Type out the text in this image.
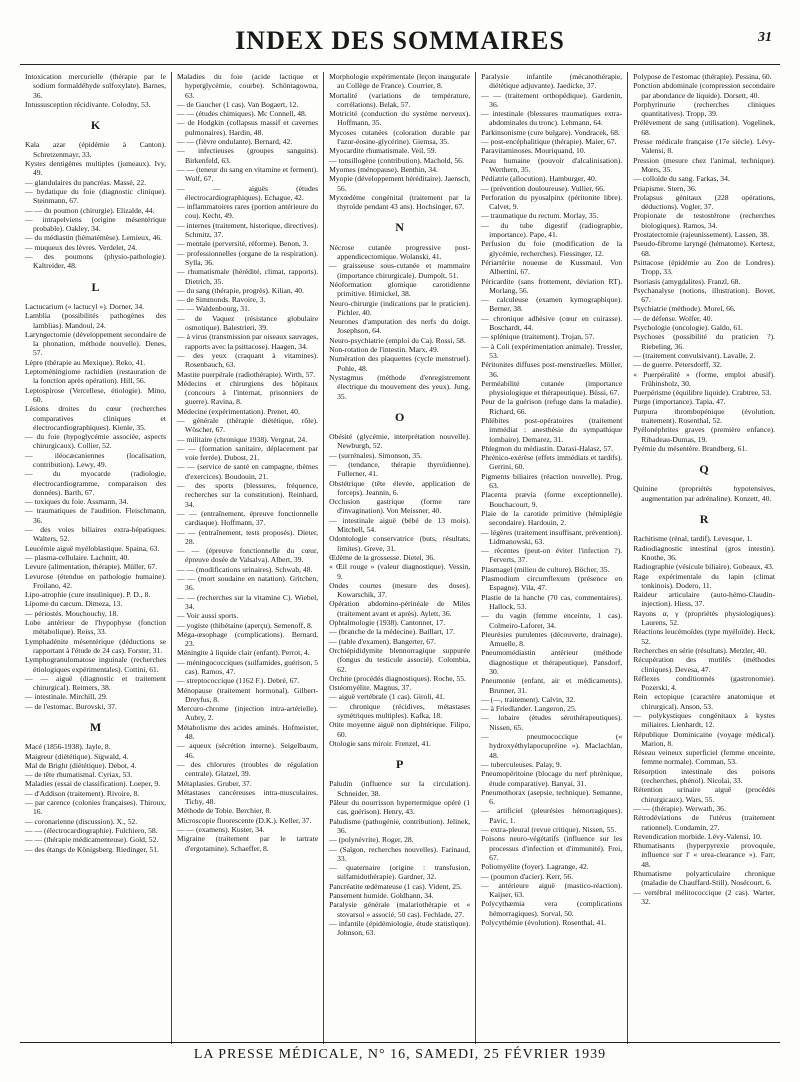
INDEX DES SOMMAIRES	31

Intoxication mercurielle (thérapie par le sodium formaldéhyde sulfoxylate). Barnes, 36.

Intussusception récidivante. Colodny, 53.

K

Kala azar (épidémie à Canton). Schretzenmayr, 33.

Kystes dentigènes multiples (jumeaux). Ivy, 49.

— glandulaires du pancréas. Massé, 22.

— hydatique du foie (diagnostic clinique). Steinmann, 67.

— — du poumon (chirurgie). Elizalde, 44.

— intrapelviens (origine mésentérique probable). Oakley, 34.

— du médiastin (hématémèse). Lemieux, 46.

— muqueux des lèvres. Verdelet, 24.

— des poumons (physio-pathologie). Kaltreider, 48.

L

Lactucarium (« lactucyl »). Dorner, 34.

Lamblia (possibilités pathogènes des lamblias). Mandoul, 24.

Laryngectomie (développement secondaire de la phonation, méthode nouvelle). Denes, 57.

Lèpre (thérapie au Mexique). Reko, 41.

Leptoméningiome rachidien (restauration de la fonction après opération). Hill, 56.

Leptospirose (Vercellese, étiologie). Mino, 60.

Lésions droites du cœur (recherches comparatives cliniques et électrocardiographiques). Kienle, 35.

— du foie (hypoglycémie associée, aspects chirurgicaux). Collier, 52.

— iléocæcaniennes (localisation, contribution). Lewy, 49.

— du myocarde (radiologie, électrocardiogramme, comparaison des données). Barth, 67.

— toxiques du foie. Assmann, 34.

— traumatiques de l'audition. Fleischmann, 36.

— des voies biliaires extra-hépatiques. Walters, 52.

Leucémie aiguë myéloblastique. Spaina, 63.

— plasma-cellulaire. Lachnitt, 40.

Levure (alimentation, thérapie). Müller, 67.

Levurose (étendue en pathologie humaine). Froilano, 42.

Lipo-atrophie (cure insulinique). P. D., 8.

Lipome du cæcum. Dimeza, 13.

— périostés. Mouchouchy, 18.

Lobe antérieur de l'hypophyse (fonction métabolique). Reiss, 33.

Lymphadénite mésentérique (déductions se rapportant à l'étude de 24 cas). Forster, 31.

Lymphogranulomatose inguinale (recherches étiologiques expérimentales). Cottini, 61.

— — aiguë (diagnostic et traitement chirurgical). Reimers, 38.

— intestinale. Mirchill, 29.

— de l'estomac. Burovski, 37.

M

Macé (1856-1938). Jayle, 8.

Maigreur (diététique). Sigwald, 4.

Mal de Bright (diététique). Debot, 4.

— de tête rhumatismal. Cyriax, 53.

Maladies (essai de classification). Loeper, 9.

— d'Addison (traitement). Rivoire, 8.

— par carence (colonies françaises). Thiroux, 16.

— coronarienne (discussion). X., 52.

— — (électrocardiographie). Fulchiero, 58.

— — (thérapie médicamenteuse). Gold, 52.

— des étangs de Königsberg. Riedinger, 51.

Maladies du foie (acide lactique et hyperglycémie, courbe). Schöntagowna, 63.

— de Gaucher (1 cas). Van Bogaert, 12.

— — (études chimiques). Mc Connell, 48.

— de Hodgkin (collapsus massif et cavernes pulmonaires). Hardin, 48.

— — (fièvre ondulante). Bernard, 42.

— infectieuses (groupes sanguins). Birkenfeld, 63.

— — (teneur du sang en vitamine et ferment). Wolf, 67.

— — aiguës (études électrocardiographiques). Echague, 42.

— inflammatoires rares (portion antérieure du cou). Kecht, 49.

— internes (traitement, historique, directives). Schmitz, 37.

— mentale (perversité, réforme). Benon, 3.

— professionnelles (organe de la respiration). Sylla, 36.

— rhumatismale (hérédité, climat, rapports). Dietrich, 35.

— du sang (thérapie, progrès). Kilian, 40.

— de Simmonds. Ravoire, 3.

— — Waldenbourg, 31.

— de Vaquez (résistance globulaire osmotique). Balestrieri, 39.

— à virus (transmission par oiseaux sauvages, rapports avec la psittacose). Haagen, 34.

— des yeux (craquant à vitamines). Rosenbauch, 63.

Mastite puerpérale (radiothérapie). Wirth, 57.

Médecins et chirurgiens des hôpitaux (concours à l'internat, prisonniers de guerre). Ravina, 8.

Médecine (expérimentation). Prenet, 40.

— générale (thérapie diététique, rôle). Wöscher, 67.

— militaire (chronique 1938). Vergnat, 24.

— — (formation sanitaire, déplacement par voie ferrée). Dubost, 21.

— — (service de santé en campagne, thèmes d'exercices). Boudouin, 21.

— des sports (blessures, fréquence, recherches sur la constitution). Reinhard, 34.

— — (entraînement, épreuve fonctionnelle cardiaque). Hoffmann, 37.

— — (entraînement, tests proposés). Dieter, 28.

— — (épreuve fonctionnelle du cœur, épreuve dosée de Valsalva). Albert, 39.

— — (modifications urinaires). Schwab, 48.

— — (mort soudaine en natation). Gritchen, 36.

— — (recherches sur la vitamine C). Wiebel, 34.

— Voir aussi sports.

— yogiste (thibétaine (aperçu). Semenoff, 8.

Méga-œsophage (complications). Bernard, 23.

Méningite à liquide clair (enfant). Perrot, 4.

— méningococciques (sulfamides, guérison, 5 cas). Ramos, 47.

— streptococcique (1162 F.). Debré, 67.

Ménopause (traitement hormonal). Gilbert-Dreyfus, 8.

Mercuro-chrome (injection intra-artérielle). Aubry, 2.

Métabolisme des acides aminés. Hofmeister, 48.

— aqueux (sécrétion interne). Seigelbaum, 46.

— des chlorures (troubles de régulation centrale). Glatzel, 39.

Métaplasies. Gruber, 37.

Métastases cancéreuses intra-musculaires. Tichy, 48.

Méthode de Tobie. Berchier, 8.

Microscopie fluorescente (D.K.). Keller, 37.

— — (examens). Kuster, 34.

Migraine (traitement par le tartrate d'ergotamine). Schaeffer, 8.

Morphologie expérimentale (leçon inaugurale au Collège de France). Courrier, 8.

Mortalité (variations de température, corrélations). Belak, 57.

Motricité (conduction du système nerveux). Hoffmann, 35.

Mycoses cutanées (coloration durable par l'azur-éosine-glycérine). Giemsa, 35.

Myocardite rhumatismale. Veil, 59.

— tonsillogène (contribution). Machold, 56.

Myomes (ménopause). Benthin, 34.

Myopie (développement héréditaire). Jaensch, 56.

Myxœdème congénital (traitement par la thyroïde pendant 43 ans). Hochsinger, 67.

N

Nécrose cutanée progressive post-appendicectomique. Wolanski, 41.

— graisseuse sous-cutanée et mammaire (importance chirurgicale). Dumpolt, 51.

Néoformation glomique carotidienne primitive. Hirnickel, 38.

Neuro-chirurgie (indications par le praticien). Pichler, 40.

Neurones d'amputation des nerfs du doigt. Josephson, 64.

Neuro-psychiatrie (emploi du Ca). Rossi, 58.

Non-rotation de l'intestin. Marx, 49.

Numération des plaquettes (cycle menstruel). Pohle, 48.

Nystagmus (méthode d'enregistrement électrique du mouvement des yeux). Jung, 35.

O

Obésité (glycémie, interprétation nouvelle). Newburgh, 52.

— (surrénales). Simonson, 35.

— (tendance, thérapie thyroïdienne). Fullerner, 41.

Obstétrique (tête élevée, application de forceps). Jeannin, 6.

Occlusion gastrique (forme rare d'invagination). Von Meissner, 40.

— intestinale aiguë (bébé de 13 mois). Mitchell, 54.

Odontologie conservatrice (buts, résultats, limites). Greve, 31.

Œdème de la grossesse. Dietel, 36.

« Œil rouge » (valeur diagnostique). Vessin, 9.

Ondes courtes (mesure des doses). Kowarschik, 37.

Opération abdomino-périnéale de Miles (traitement avant et après). Aylett, 36.

Ophtalmologie (1938). Cantonnet, 17.

— (branche de la médecine). Baillart, 17.

— (table d'examen). Bangerter, 67.

Orchiépididymite blennorragique suppurée (fongus du testicule associé). Colombia, 62.

Orchite (procédés diagnostiques). Roche, 55.

Ostéomyélite. Magnus, 37.

— aiguë vertébrale (1 cas). Giroli, 41.

— chronique (récidives, métastases symétriques multiples). Kafka, 18.

Otite moyenne aiguë non diphtérique. Filipo, 60.

Otologie sans miroir. Frenzel, 41.

P

Paludin (influence sur la circulation). Schneider, 38.

Pâleur du nourrisson hypertermique opéré (1 cas, guérison). Henry, 43.

Paludisme (pathogénie, contribution). Jelinek, 36.

— (polynévrite). Roger, 28.

— (Saïgon, recherches nouvelles). Farinaud, 33.

— quaternaire (origine : transfusion, sulfamidothérapie). Gardner, 32.

Pancréatite œdémateuse (1 cas). Vident, 25.

Pansement humide. Goldhann, 34.

Paralysie générale (malariothérapie et « stovarsol » associé, 50 cas). Fechlade, 27.

— infantile (épidémiologie, étude statistique). Johnson, 63.

Paralysie infantile (mécanothérapie, diététique adjuvante). Jaedicke, 37.

— — (traitement orthopédique). Gardenin, 36.

— intestinale (blessures traumatiques extra-abdominales du tronc). Lehmann, 64.

Parkinsonisme (cure bulgare). Vondracek, 68.

— post-encéphalitique (thérapie). Maier, 67.

Paravitaminoses. Mouriquand, 10.

Peau humaine (pouvoir d'alcalinisation). Werthern, 35.

Pédiatrie (allocution). Hamburger, 40.

— (prévention douloureuse). Vullier, 66.

Perforation du pyosalpinx (péritonite libre). Calvet, 9.

— traumatique du rectum. Morlay, 35.

— du tube digestif (radiographie, importance). Pape, 41.

Perfusion du foie (modification de la glycémie, recherches). Fiessinger, 12.

Périartérite noueuse de Kussmaul. Von Albertini, 67.

Péricardite (sans frottement, déviation RT). Morlang, 56.

— calculeuse (examen kymographique). Berner, 38.

— chronique adhésive (cœur en cuirasse). Boschardt, 44.

— splénique (traitement). Trojan, 57.

— à Coli (expérimentation animale). Tressler, 53.

Péritonites diffuses post-menstruelles. Möller, 36.

Perméabilité cutanée (importance physiologique et thérapeutique). Büssi, 67.

Peur de la guérison (refuge dans la maladie). Richard, 66.

Phlébites post-opératoires (traitement immédiat : anesthésie du sympathique lombaire). Demarez, 31.

Phlegmon du médiastin. Darasi-Halasz, 57.

Phrénico-exérèse (effets immédiats et tardifs). Gerrini, 60.

Pigments biliaires (réaction nouvelle). Prog, 63.

Placenta prævia (forme exceptionnelle). Bouchacourt, 9.

Plaie de la carotide primitive (hémiplégie secondaire). Hardouin, 2.

— légères (traitement insuffisant, prévention). Lidmanowski, 63.

— récentes (peut-on éviter l'infection ?). Ferverts, 37.

Plasmagel (milieu de culture). Böcher, 35.

Plasmodium circumflexum (présence en Espagne). Vila, 47.

Plastie de la hanche (70 cas, commentaires). Hallock, 53.

— du vagin (femme enceinte, 1 cas). Colmeiro-Laforet, 34.

Pleurésies purulentes (découverte, drainage). Amuelle, 8.

Pneumomédiastin antérieur (méthode diagnostique et thérapeutique). Pansdorf, 30.

Pneumonie (enfant, air et médicaments). Brunner, 31.

— (—, traitement). Calvin, 32.

— à Friedlander. Langeron, 25.

— lobaire (études sérothérapeutiques). Nissen, 65.

— pneumococcique (« hydroxyéthylapocupréine »). Maclachlan, 48.

— tuberculeuses. Palay, 9.

Pneumopéritoine (blocage du nerf phrénique, étude comparative). Banyai, 31.

Pneumothorax (asepsie, technique). Semanne, 6.

— artificiel (pleurésies hémorragiques). Pavic, 1.

— extra-pleural (revue critique). Nissen, 55.

Poisons neuro-végétatifs (influence sur les processus d'infection et d'immunité). Frei, 67.

Poliomyélite (foyer). Lagrange, 42.

— (poumon d'acier). Kerr, 56.

— antérieure aiguë (mastico-réaction). Kaijser, 63.

Polycythæmia vera (complications hémorragiques). Sorval, 50.

Polycythémie (évolution). Rosenthal, 41.

Polypose de l'estomac (thérapie). Pessina, 60.

Ponction abdominale (compression secondaire par abondance de liquide). Dorsett, 40.

Porphyrinurie (recherches cliniques quantitatives). Tropp, 39.

Prélèvement de sang (utilisation). Vogelinek, 68.

Presse médicale française (17e siècle). Lévy-Valensi, 8.

Pression (mesure chez l'animal, technique). Mœrs, 35.

— colloïde du sang. Farkas, 34.

Priapisme. Stern, 36.

Prolapsus génitaux (228 opérations, déductions). Vogler, 37.

Propionate de testostérone (recherches biologiques). Ramos, 34.

Prostatectomie (rajeunissement). Lassen, 38.

Pseudo-fibrome laryngé (hématome). Kertesz, 68.

Psittacose (épidémie au Zoo de Londres). Tropp, 33.

Psoriasis (amygdalites). Franzl, 68.

Psychanalyse (notions, illustration). Bovet, 67.

Psychiatrie (méthode). Morel, 66.

— de défense. Wolfer, 40.

Psychologie (oncologie). Galdo, 61.

Psychoses (possibilité du praticien ?). Riebeling, 36.

— (traitement convulsivant). Lavalle, 2.

— de guerre. Petersdorff, 32.

« Puerpéralité » (forme, emploi abusif). Frühinsholz, 30.

Puerpérisme (équilibre liquide). Crabtree, 53.

Purge (importance). Tapia, 47.

Purpura thrombopénique (évolution, traitement). Rosenthal, 52.

Pyélonéphrites graves (première enfance). Ribadeau-Dumas, 19.

Pyémie du mésentère. Brandberg, 61.

Q

Quinine (propriétés hypotensives, augmentation par adrénaline). Konzett, 40.

R

Rachitisme (rénal, tardif). Levesque, 1.

Radiodiagnostic intestinal (gros intestin). Knothe, 36.

Radiographie (vésicule biliaire). Gobeaux, 43.

Rage expérimentale du lapin (climat tonkinois). Dodero, 11.

Raideur articulaire (auto-hémo-Claudin-injection). Hiess, 37.

Rayons α, γ (propriétés physiologiques). Laurens, 52.

Réactions leucémoïdes (type myéloïde). Heck, 52.

Recherches en série (résultats). Metzler, 40.

Récupération des mutilés (méthodes cliniques). Devesa, 47.

Réflexes conditionnés (gastronomie). Pozerski, 4.

Rein ectopique (caractère anatomique et chirurgical). Anson, 53.

— polykystiques congénitaux à kystes miliaires. Lienhardt, 12.

République Dominicaine (voyage médical). Marion, 8.

Réseau veineux superficiel (femme enceinte, femme normale). Cornman, 53.

Résorption intestinale des poisons (recherches, phénol). Nicolai, 33.

Rétention urinaire aiguë (procédés chirurgicaux). Wars, 55.

— — (thérapie). Werwath, 36.

Rétrodéviations de l'utérus (traitement rationnel). Condamin, 27.

Revendication morbide. Lévy-Valensi, 10.

Rhumatisants (hyperpyrexie provoquée, influence sur l' « urea-clearance »). Farr, 48.

Rhumatisme polyarticulaire chronique (maladie de Chauffard-Still). Nosécourt, 6.

— vertébral mélitococcique (2 cas). Warter, 32.

LA PRESSE MÉDICALE, N° 16, SAMEDI, 25 FÉVRIER 1939
